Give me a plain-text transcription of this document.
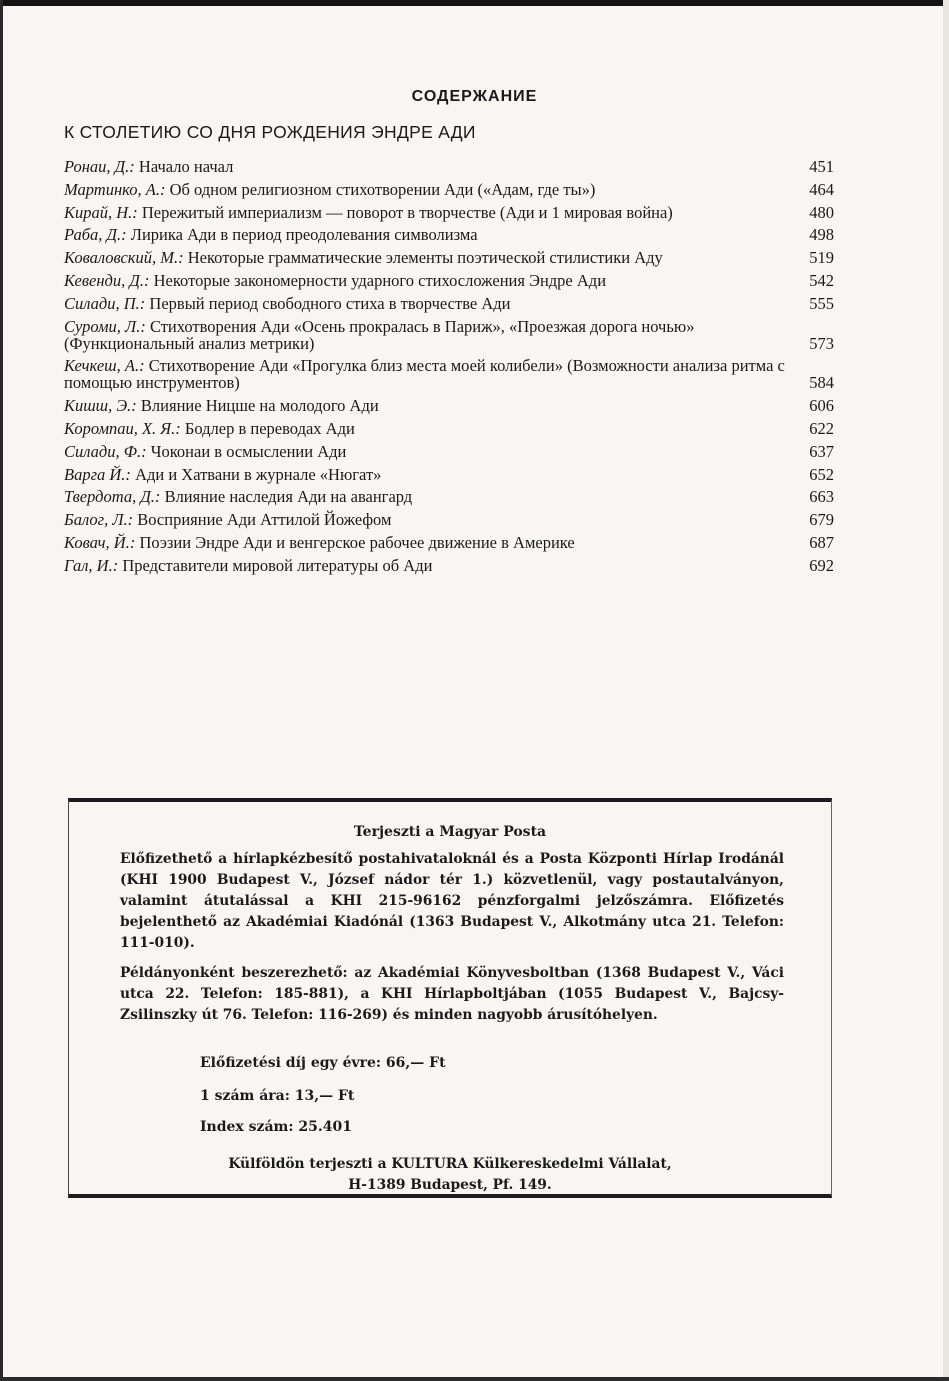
СОДЕРЖАНИЕ
К СТОЛЕТИЮ СО ДНЯ РОЖДЕНИЯ ЭНДРЕ АДИ
Ронаи, Д.: Начало начал	451
Мартинко, А.: Об одном религиозном стихотворении Ади («Адам, где ты»)	464
Кирай, Н.: Пережитый империализм — поворот в творчестве (Ади и 1 мировая война)	480
Раба, Д.: Лирика Ади в период преодолевания символизма	498
Коваловский, М.: Некоторые грамматические элементы поэтической стилистики Аду	519
Кевенди, Д.: Некоторые закономерности ударного стихосложения Эндре Ади	542
Силади, П.: Первый период свободного стиха в творчестве Ади	555
Суроми, Л.: Стихотворения Ади «Осень прокралась в Париж», «Проезжая дорога ночью» (Функциональный анализ метрики)	573
Кечкеш, А.: Стихотворение Ади «Прогулка близ места моей колибели» (Возможности анализа ритма с помощью инструментов)	584
Кишш, Э.: Влияние Ницше на молодого Ади	606
Коромпаи, Х. Я.: Бодлер в переводах Ади	622
Силади, Ф.: Чоконаи в осмыслении Ади	637
Варга Й.: Ади и Хатвани в журнале «Нюгат»	652
Твердота, Д.: Влияние наследия Ади на авангард	663
Балог, Л.: Восприяние Ади Аттилой Йожефом	679
Ковач, Й.: Поэзии Эндре Ади и венгерское рабочее движение в Америке	687
Гал, И.: Представители мировой литературы об Ади	692
Terjeszti a Magyar Posta
Előfizethető a hírlapkézbesítő postahivataloknál és a Posta Központi Hírlap Irodánál (KHI 1900 Budapest V., József nádor tér 1.) közvetlenül, vagy postautalványon, valamint átutalással a KHI 215-96162 pénzforgalmi jelzőszámra. Előfizetés bejelenthető az Akadémiai Kiadónál (1363 Budapest V., Alkotmány utca 21. Telefon: 111-010).
Példányonként beszerezhető: az Akadémiai Könyvesboltban (1368 Budapest V., Váci utca 22. Telefon: 185-881), a KHI Hírlapboltjában (1055 Budapest V., Bajcsy-Zsilinszky út 76. Telefon: 116-269) és minden nagyobb árusítóhelyen.
Előfizetési díj egy évre: 66,— Ft
1 szám ára: 13,— Ft
Index szám: 25.401
Külföldön terjeszti a KULTURA Külkereskedelmi Vállalat,
H-1389 Budapest, Pf. 149.
